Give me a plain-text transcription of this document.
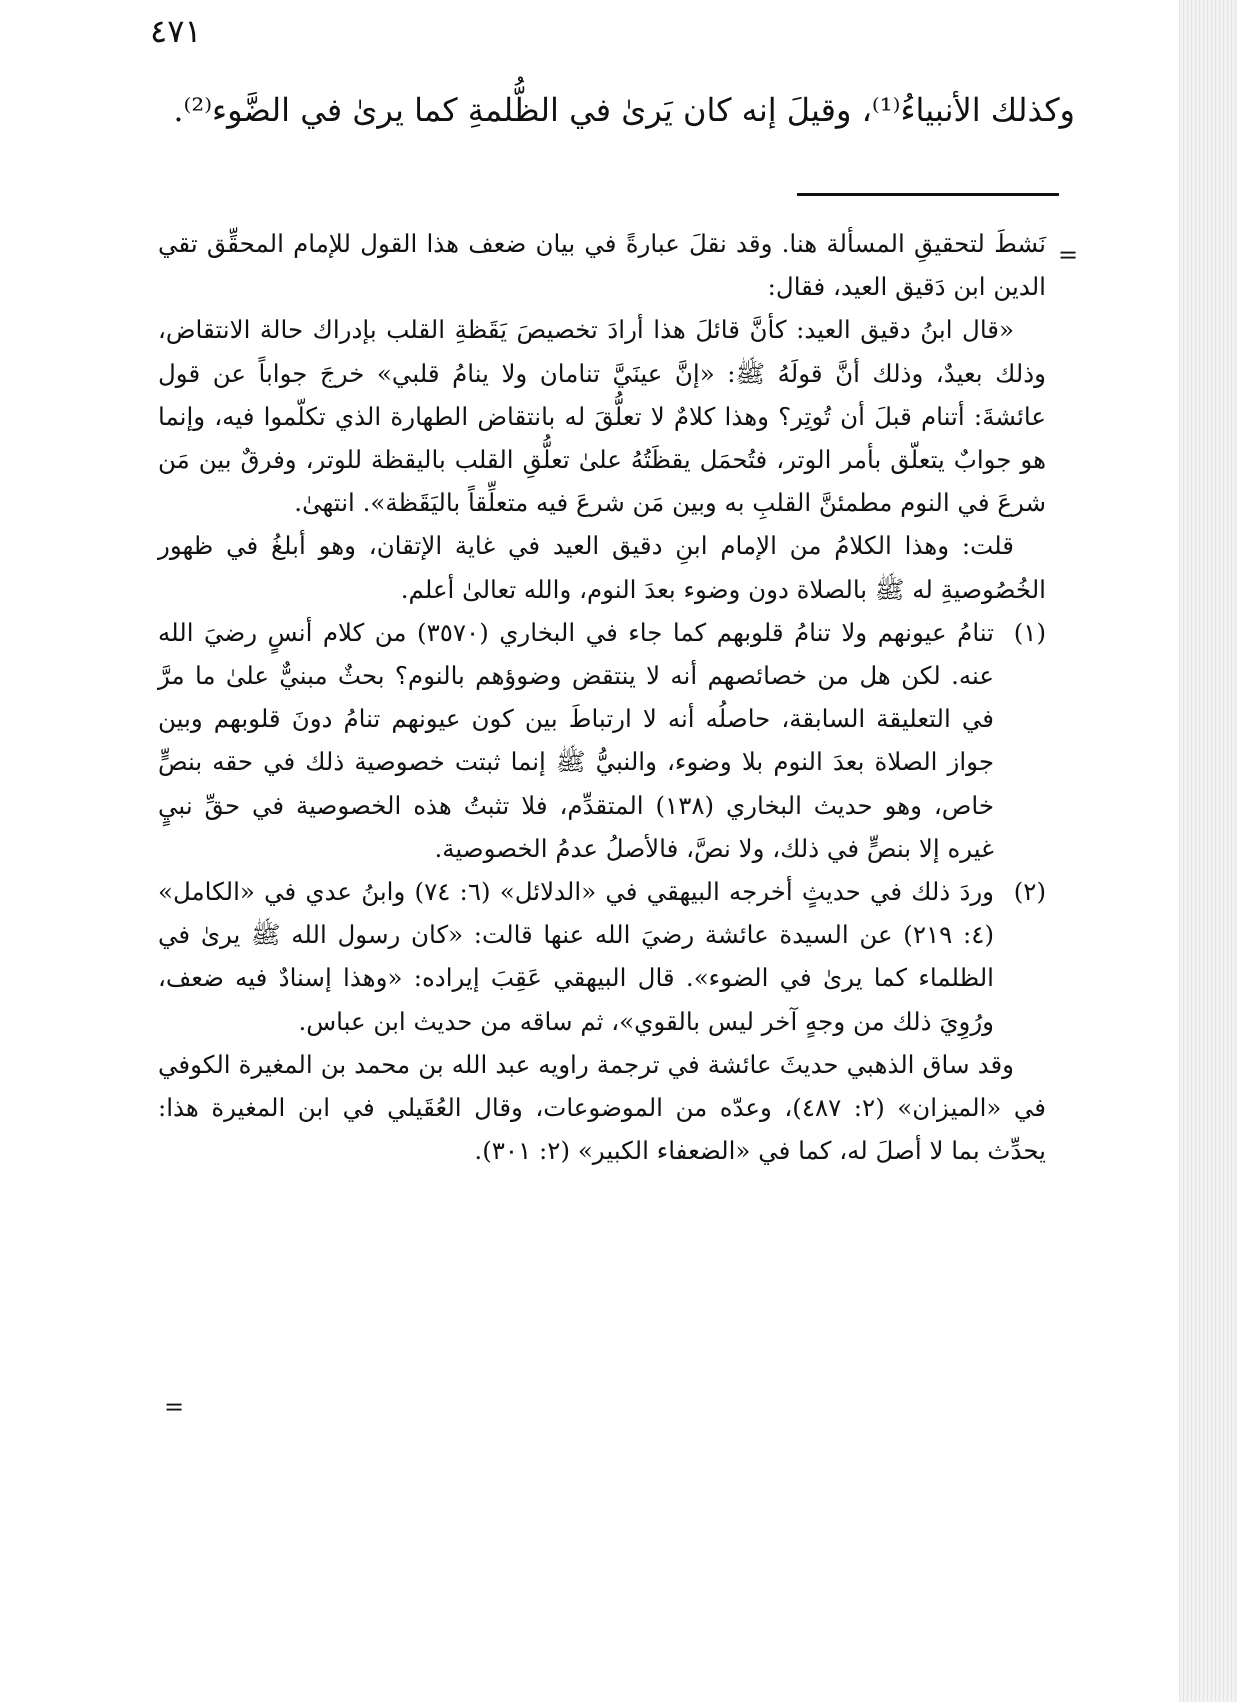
٤٧١

وكذلك الأنبياءُ⁽¹⁾، وقيلَ إنه كان يَرىٰ في الظُّلمةِ كما يرىٰ في الضَّوء⁽²⁾.

=

نَشطَ لتحقيقِ المسألة هنا. وقد نقلَ عبارةً في بيان ضعف هذا القول للإمام المحقِّق تقي الدين ابن دَقيق العيد، فقال:

«قال ابنُ دقيق العيد: كأنَّ قائلَ هذا أرادَ تخصيصَ يَقَظةِ القلب بإدراك حالة الانتقاض، وذلك بعيدٌ، وذلك أنَّ قولَهُ ﷺ: «إنَّ عينَيَّ تنامان ولا ينامُ قلبي» خرجَ جواباً عن قول عائشةَ: أتنام قبلَ أن تُوتِر؟ وهذا كلامٌ لا تعلُّقَ له بانتقاض الطهارة الذي تكلّموا فيه، وإنما هو جوابٌ يتعلّق بأمر الوتر، فتُحمَل يقظَتُهُ علىٰ تعلُّقِ القلب باليقظة للوتر، وفرقٌ بين مَن شرعَ في النوم مطمئنَّ القلبِ به وبين مَن شرعَ فيه متعلِّقاً باليَقَظة». انتهىٰ.

قلت: وهذا الكلامُ من الإمام ابنِ دقيق العيد في غاية الإتقان، وهو أبلغُ في ظهور الخُصُوصيةِ له ﷺ بالصلاة دون وضوء بعدَ النوم، والله تعالىٰ أعلم.

(١)

تنامُ عيونهم ولا تنامُ قلوبهم كما جاء في البخاري (٣٥٧٠) من كلام أنسٍ رضيَ الله عنه. لكن هل من خصائصهم أنه لا ينتقض وضوؤهم بالنوم؟ بحثٌ مبنيٌّ علىٰ ما مرَّ في التعليقة السابقة، حاصلُه أنه لا ارتباطَ بين كون عيونهم تنامُ دونَ قلوبهم وبين جواز الصلاة بعدَ النوم بلا وضوء، والنبيُّ ﷺ إنما ثبتت خصوصية ذلك في حقه بنصٍّ خاص، وهو حديث البخاري (١٣٨) المتقدِّم، فلا تثبتُ هذه الخصوصية في حقِّ نبيٍ غيره إلا بنصٍّ في ذلك، ولا نصَّ، فالأصلُ عدمُ الخصوصية.

(٢)

وردَ ذلك في حديثٍ أخرجه البيهقي في «الدلائل» (٦: ٧٤) وابنُ عدي في «الكامل» (٤: ٢١٩) عن السيدة عائشة رضيَ الله عنها قالت: «كان رسول الله ﷺ يرىٰ في الظلماء كما يرىٰ في الضوء». قال البيهقي عَقِبَ إيراده: «وهذا إسنادٌ فيه ضعف، ورُوِيَ ذلك من وجهٍ آخر ليس بالقوي»، ثم ساقه من حديث ابن عباس.

وقد ساق الذهبي حديثَ عائشة في ترجمة راويه عبد الله بن محمد بن المغيرة الكوفي في «الميزان» (٢: ٤٨٧)، وعدّه من الموضوعات، وقال العُقَيلي في ابن المغيرة هذا: يحدِّث بما لا أصلَ له، كما في «الضعفاء الكبير» (٢: ٣٠١).

=
